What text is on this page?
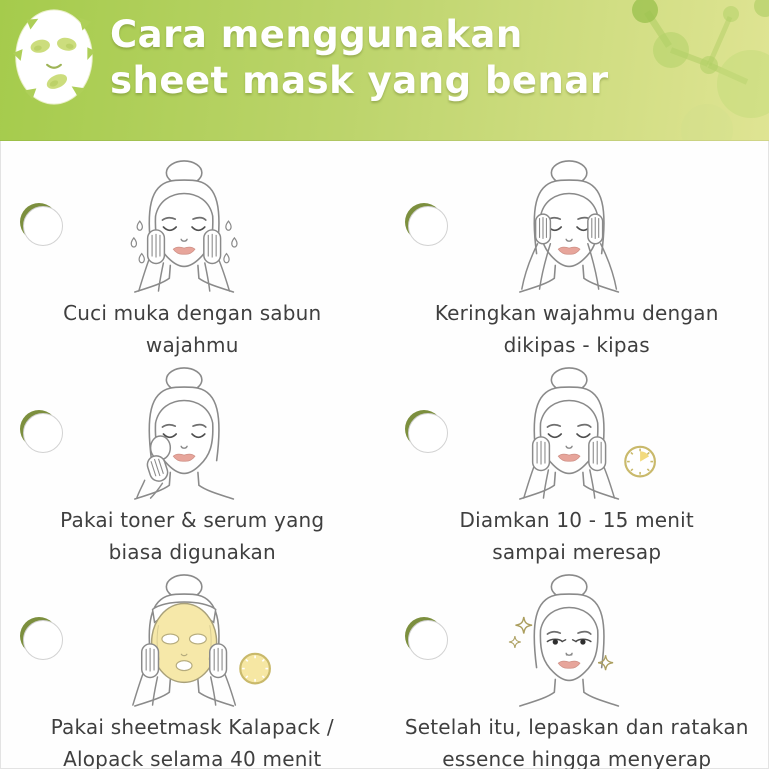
Cara menggunakan
sheet mask yang benar
1

Cuci muka dengan sabun
wajahmu

2

Keringkan wajahmu dengan
dikipas - kipas

3

Pakai toner & serum yang
biasa digunakan

4

Diamkan 10 - 15 menit
sampai meresap

5

Pakai sheetmask Kalapack /
Alopack selama 40 menit

6

Setelah itu, lepaskan dan ratakan
essence hingga menyerap
